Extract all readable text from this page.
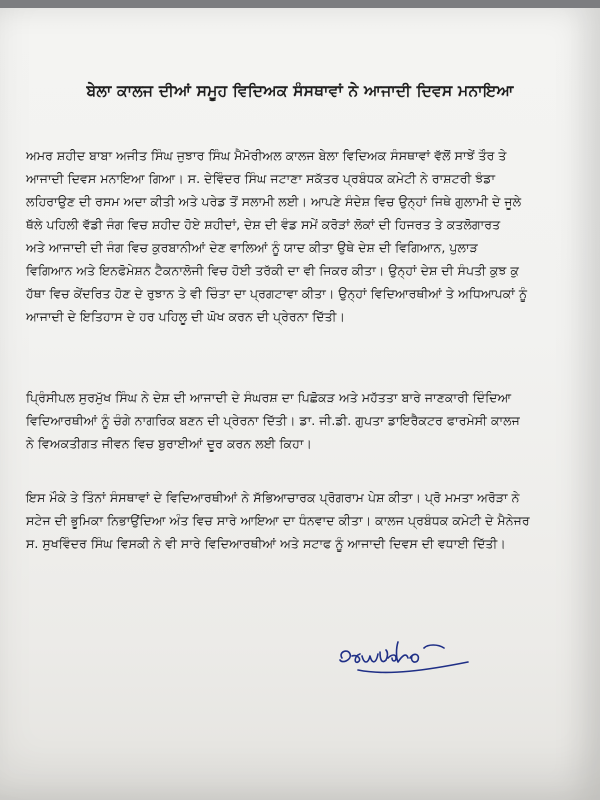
ਬੇਲਾ ਕਾਲਜ ਦੀਆਂ ਸਮੂਹ ਵਿਦਿਅਕ ਸੰਸਥਾਵਾਂ ਨੇ ਆਜਾਦੀ ਦਿਵਸ ਮਨਾਇਆ
ਅਮਰ ਸ਼ਹੀਦ ਬਾਬਾ ਅਜੀਤ ਸਿੰਘ ਜੁਝਾਰ ਸਿੰਘ ਮੈਮੋਰੀਅਲ ਕਾਲਜ ਬੇਲਾ ਵਿਦਿਅਕ ਸੰਸਥਾਵਾਂ ਵੱਲੋਂ ਸਾਝੇਂ ਤੌਰ ਤੇ
ਆਜਾਦੀ ਦਿਵਸ ਮਨਾਇਆ ਗਿਆ। ਸ. ਦੇਵਿੰਦਰ ਸਿੰਘ ਜਟਾਣਾ ਸਕੱਤਰ ਪ੍ਰਬੰਧਕ ਕਮੇਟੀ ਨੇ ਰਾਸ਼ਟਰੀ ਝੰਡਾ
ਲਹਿਰਾਉਣ ਦੀ ਰਸਮ ਅਦਾ ਕੀਤੀ ਅਤੇ ਪਰੇਡ ਤੋਂ ਸਲਾਮੀ ਲਈ। ਆਪਣੇ ਸੰਦੇਸ਼ ਵਿਚ ਉਨ੍ਹਾਂ ਜਿਥੇ ਗੁਲਾਮੀ ਦੇ ਜੂਲੇ
ਥੱਲੇ ਪਹਿਲੀ ਵੱਡੀ ਜੰਗ ਵਿਚ ਸ਼ਹੀਦ ਹੋਏ ਸ਼ਹੀਦਾਂ, ਦੇਸ਼ ਦੀ ਵੰਡ ਸਮੇਂ ਕਰੋੜਾਂ ਲੋਕਾਂ ਦੀ ਹਿਜਰਤ ਤੇ ਕਤਲੋਗਾਰਤ
ਅਤੇ ਆਜਾਦੀ ਦੀ ਜੰਗ ਵਿਚ ਕੁਰਬਾਨੀਆਂ ਦੇਣ ਵਾਲਿਆਂ ਨੂੰ ਯਾਦ ਕੀਤਾ ਉਥੇ ਦੇਸ਼ ਦੀ ਵਿਗਿਆਨ, ਪੁਲਾੜ
ਵਿਗਿਆਨ ਅਤੇ ਇਨਫੋਮੇਸ਼ਨ ਟੈਕਨਾਲੋਜੀ ਵਿਚ ਹੋਈ ਤਰੱਕੀ ਦਾ ਵੀ ਜਿਕਰ ਕੀਤਾ। ਉਨ੍ਹਾਂ ਦੇਸ਼ ਦੀ ਸੰਪਤੀ ਕੁਝ ਕੁ
ਹੱਥਾ ਵਿਚ ਕੇਂਦਰਿਤ ਹੋਣ ਦੇ ਰੁਝਾਨ ਤੇ ਵੀ ਚਿੰਤਾ ਦਾ ਪ੍ਰਗਟਾਵਾ ਕੀਤਾ। ਉਨ੍ਹਾਂ ਵਿਦਿਆਰਥੀਆਂ ਤੇ ਅਧਿਆਪਕਾਂ ਨੂੰ
ਆਜਾਦੀ ਦੇ ਇਤਿਹਾਸ ਦੇ ਹਰ ਪਹਿਲੂ ਦੀ ਘੋਖ ਕਰਨ ਦੀ ਪ੍ਰੇਰਨਾ ਦਿੱਤੀ।
ਪ੍ਰਿੰਸੀਪਲ ਸੁਰਮੁੱਖ ਸਿੰਘ ਨੇ ਦੇਸ਼ ਦੀ ਆਜਾਦੀ ਦੇ ਸੰਘਰਸ਼ ਦਾ ਪਿਛੋਕੜ ਅਤੇ ਮਹੱਤਤਾ ਬਾਰੇ ਜਾਣਕਾਰੀ ਦਿੰਦਿਆ
ਵਿਦਿਆਰਥੀਆਂ ਨੂੰ ਚੰਗੇ ਨਾਗਰਿਕ ਬਣਨ ਦੀ ਪ੍ਰੇਰਨਾ ਦਿੱਤੀ। ਡਾ. ਜੀ.ਡੀ. ਗੁਪਤਾ ਡਾਇਰੈਕਟਰ ਫਾਰਮੇਸੀ ਕਾਲਜ
ਨੇ ਵਿਅਕਤੀਗਤ ਜੀਵਨ ਵਿਚ ਬੁਰਾਈਆਂ ਦੂਰ ਕਰਨ ਲਈ ਕਿਹਾ।
ਇਸ ਮੌਕੇ ਤੇ ਤਿੰਨਾਂ ਸੰਸਥਾਵਾਂ ਦੇ ਵਿਦਿਆਰਥੀਆਂ ਨੇ ਸੱਭਿਆਚਾਰਕ ਪ੍ਰੋਗਰਾਮ ਪੇਸ਼ ਕੀਤਾ। ਪ੍ਰੋ ਮਮਤਾ ਅਰੋੜਾ ਨੇ
ਸਟੇਜ ਦੀ ਭੂਮਿਕਾ ਨਿਭਾਉਂਦਿਆ ਅੰਤ ਵਿਚ ਸਾਰੇ ਆਇਆ ਦਾ ਧੰਨਵਾਦ ਕੀਤਾ। ਕਾਲਜ ਪ੍ਰਬੰਧਕ ਕਮੇਟੀ ਦੇ ਮੈਨੇਜਰ
ਸ. ਸੁਖਵਿੰਦਰ ਸਿੰਘ ਵਿਸਕੀ ਨੇ ਵੀ ਸਾਰੇ ਵਿਦਿਆਰਥੀਆਂ ਅਤੇ ਸਟਾਫ ਨੂੰ ਆਜਾਦੀ ਦਿਵਸ ਦੀ ਵਧਾਈ ਦਿੱਤੀ।
